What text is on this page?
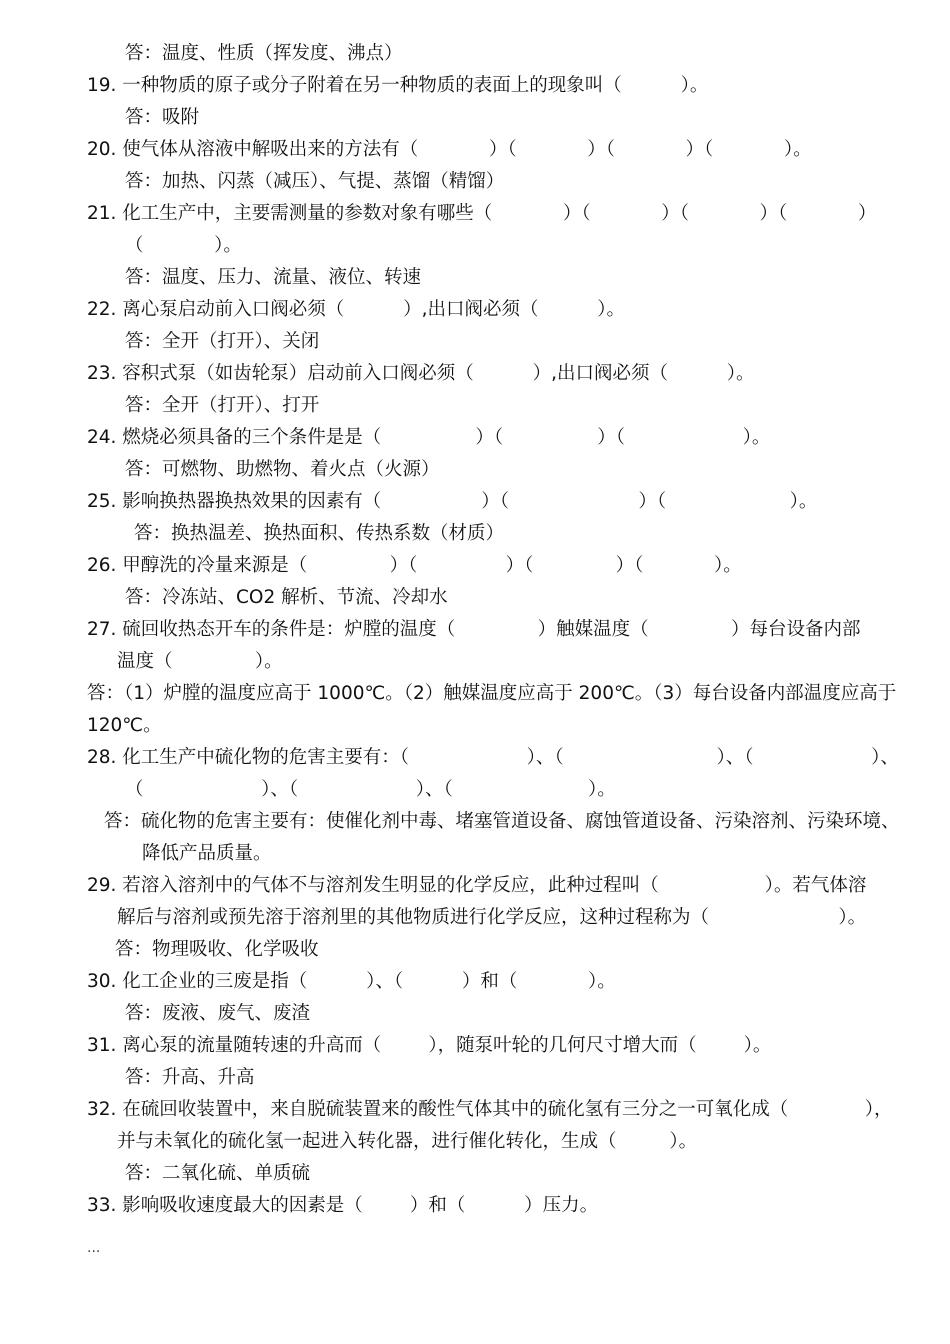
答：温度、性质（挥发度、沸点）
19. 一种物质的原子或分子附着在另一种物质的表面上的现象叫（          ）。
答：吸附
20. 使气体从溶液中解吸出来的方法有（            ）（            ）（            ）（            ）。
答：加热、闪蒸（减压）、气提、蒸馏（精馏）
21. 化工生产中，主要需测量的参数对象有哪些（            ）（            ）（            ）（            ）
（            ）。
答：温度、压力、流量、液位、转速
22. 离心泵启动前入口阀必须（          ）,出口阀必须（          ）。
答：全开（打开）、关闭
23. 容积式泵（如齿轮泵）启动前入口阀必须（          ）,出口阀必须（          ）。
答：全开（打开）、打开
24. 燃烧必须具备的三个条件是是（                ）（                ）（                    ）。
答：可燃物、助燃物、着火点（火源）
25. 影响换热器换热效果的因素有（                 ）（                      ）（                     ）。
答：换热温差、换热面积、传热系数（材质）
26. 甲醇洗的冷量来源是（              ）（               ）（              ）（            ）。
答：冷冻站、CO2 解析、节流、冷却水
27. 硫回收热态开车的条件是：炉膛的温度（              ）触媒温度（              ）每台设备内部
温度（              ）。
答：（1）炉膛的温度应高于 1000℃。（2）触媒温度应高于 200℃。（3）每台设备内部温度应高于
120℃。
28. 化工生产中硫化物的危害主要有：（                    ）、（                          ）、（                    ）、
（                    ）、（                    ）、（                       ）。
答：硫化物的危害主要有：使催化剂中毒、堵塞管道设备、腐蚀管道设备、污染溶剂、污染环境、
降低产品质量。
29. 若溶入溶剂中的气体不与溶剂发生明显的化学反应，此种过程叫（                  ）。若气体溶
解后与溶剂或预先溶于溶剂里的其他物质进行化学反应，这种过程称为（                      ）。
答：物理吸收、化学吸收
30. 化工企业的三废是指（          ）、（          ）和（            ）。
答：废液、废气、废渣
31. 离心泵的流量随转速的升高而（        ），随泵叶轮的几何尺寸增大而（        ）。
答：升高、升高
32. 在硫回收装置中，来自脱硫装置来的酸性气体其中的硫化氢有三分之一可氧化成（             ），
并与未氧化的硫化氢一起进入转化器，进行催化转化，生成（         ）。
答：二氧化硫、单质硫
33. 影响吸收速度最大的因素是（        ）和（          ）压力。
...
